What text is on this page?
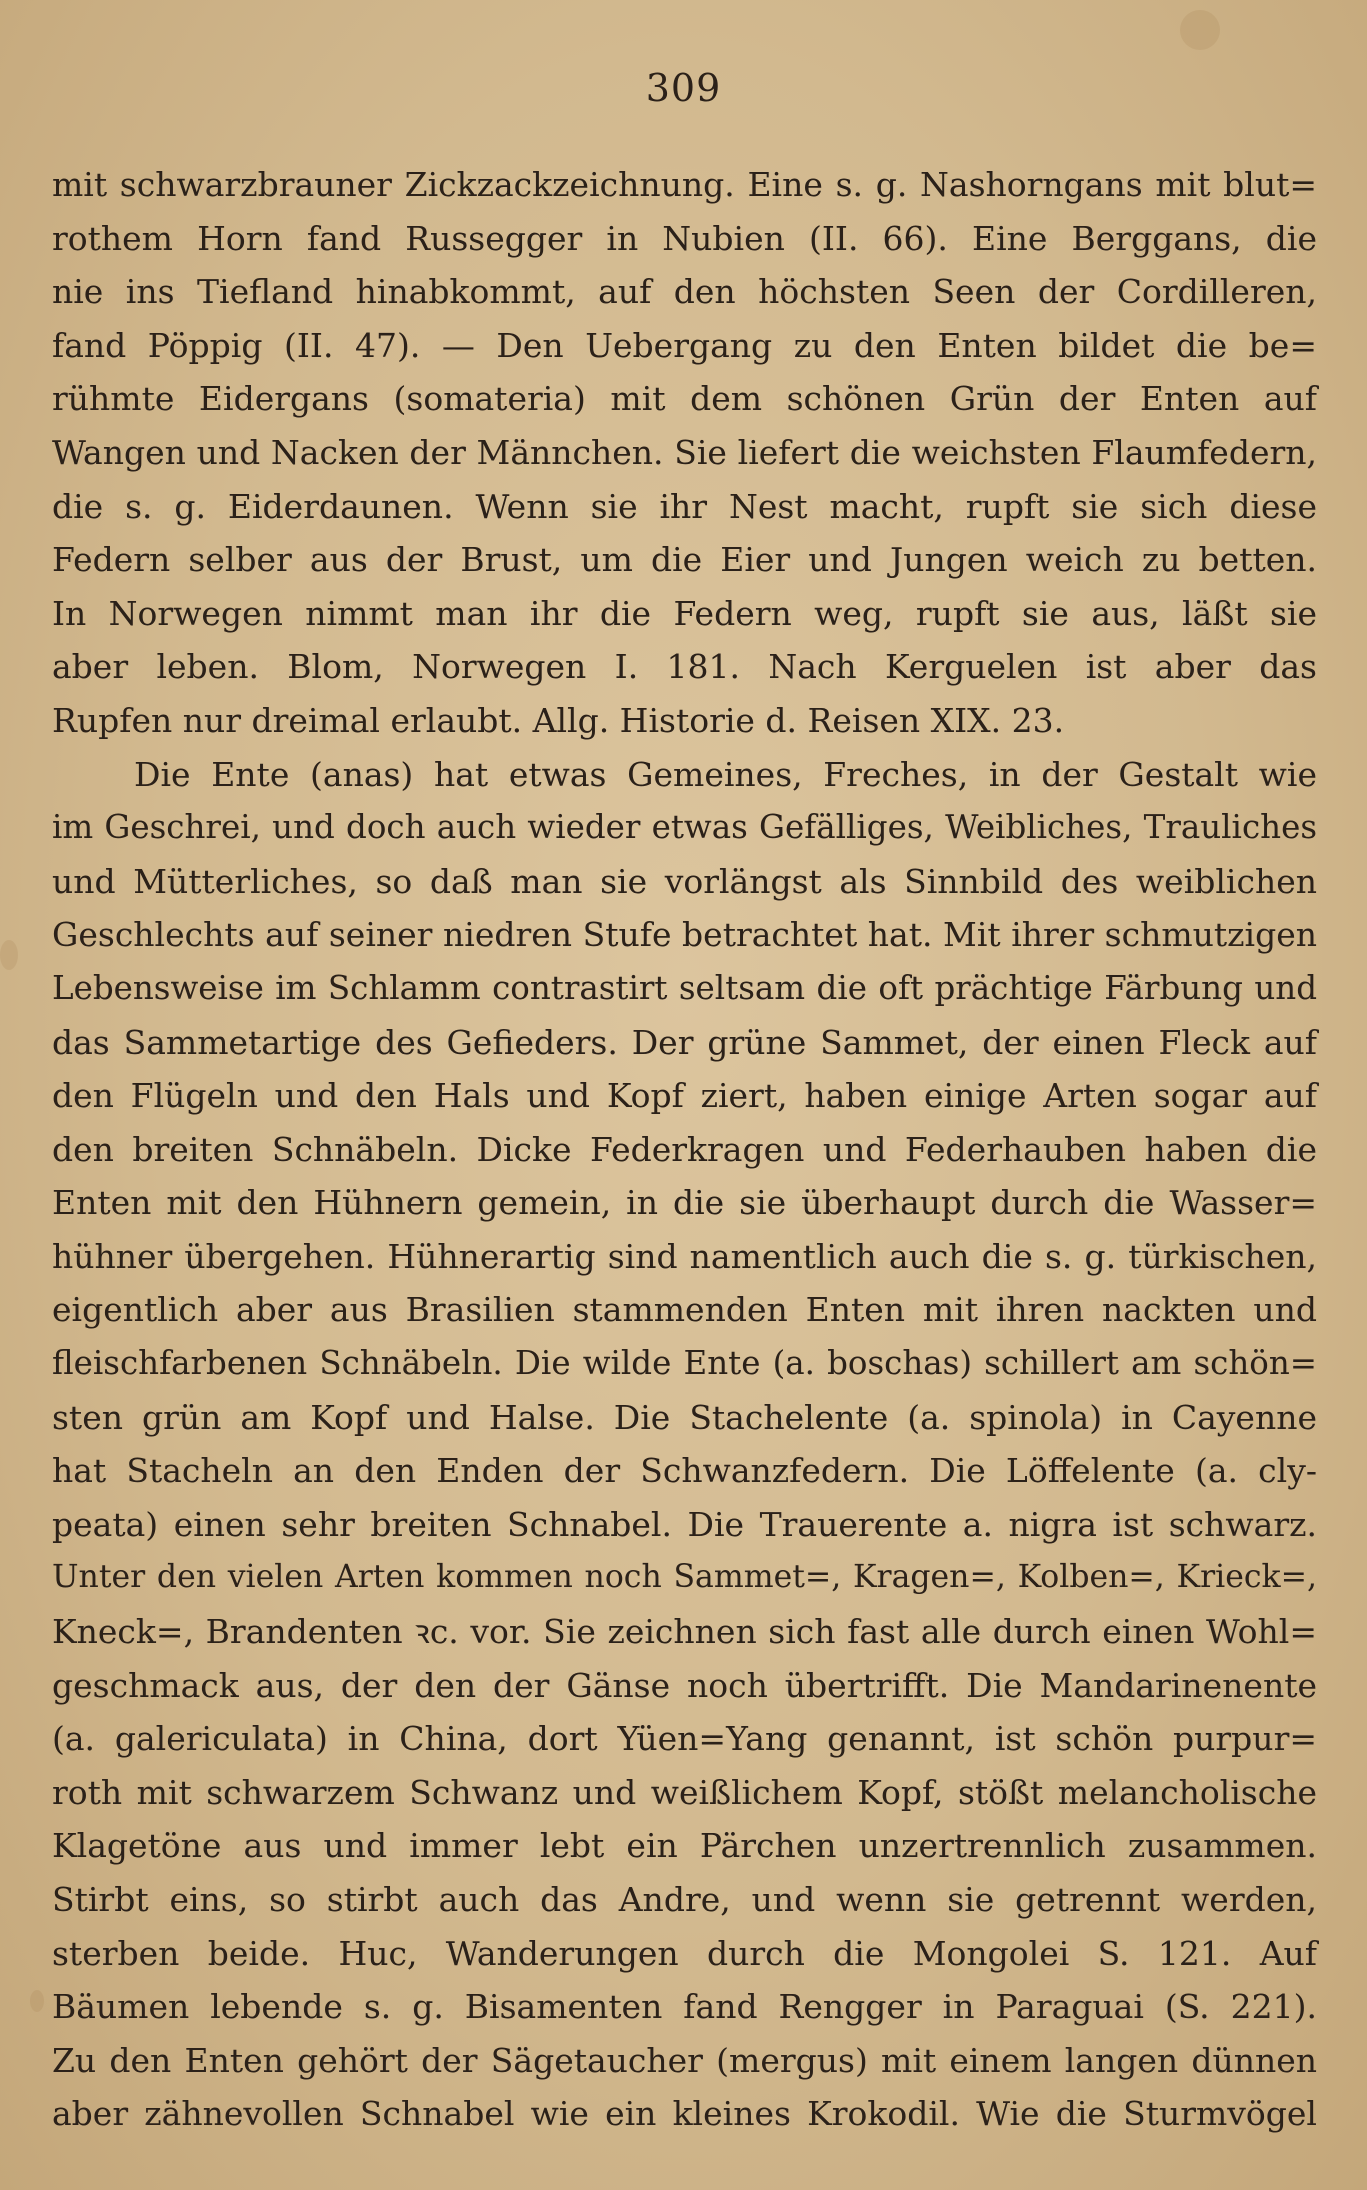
309
mit schwarzbrauner Zickzackzeichnung. Eine s. g. Nashorngans mit blut=
rothem Horn fand Russegger in Nubien (II. 66). Eine Berggans, die
nie ins Tiefland hinabkommt, auf den höchsten Seen der Cordilleren,
fand Pöppig (II. 47). — Den Uebergang zu den Enten bildet die be=
rühmte Eidergans (somateria) mit dem schönen Grün der Enten auf
Wangen und Nacken der Männchen. Sie liefert die weichsten Flaumfedern,
die s. g. Eiderdaunen. Wenn sie ihr Nest macht, rupft sie sich diese
Federn selber aus der Brust, um die Eier und Jungen weich zu betten.
In Norwegen nimmt man ihr die Federn weg, rupft sie aus, läßt sie
aber leben. Blom, Norwegen I. 181. Nach Kerguelen ist aber das
Rupfen nur dreimal erlaubt. Allg. Historie d. Reisen XIX. 23.
Die Ente (anas) hat etwas Gemeines, Freches, in der Gestalt wie
im Geschrei, und doch auch wieder etwas Gefälliges, Weibliches, Trauliches
und Mütterliches, so daß man sie vorlängst als Sinnbild des weiblichen
Geschlechts auf seiner niedren Stufe betrachtet hat. Mit ihrer schmutzigen
Lebensweise im Schlamm contrastirt seltsam die oft prächtige Färbung und
das Sammetartige des Gefieders. Der grüne Sammet, der einen Fleck auf
den Flügeln und den Hals und Kopf ziert, haben einige Arten sogar auf
den breiten Schnäbeln. Dicke Federkragen und Federhauben haben die
Enten mit den Hühnern gemein, in die sie überhaupt durch die Wasser=
hühner übergehen. Hühnerartig sind namentlich auch die s. g. türkischen,
eigentlich aber aus Brasilien stammenden Enten mit ihren nackten und
fleischfarbenen Schnäbeln. Die wilde Ente (a. boschas) schillert am schön=
sten grün am Kopf und Halse. Die Stachelente (a. spinola) in Cayenne
hat Stacheln an den Enden der Schwanzfedern. Die Löffelente (a. cly-
peata) einen sehr breiten Schnabel. Die Trauerente a. nigra ist schwarz.
Unter den vielen Arten kommen noch Sammet=, Kragen=, Kolben=, Krieck=,
Kneck=, Brandenten ꝛc. vor. Sie zeichnen sich fast alle durch einen Wohl=
geschmack aus, der den der Gänse noch übertrifft. Die Mandarinenente
(a. galericulata) in China, dort Yüen=Yang genannt, ist schön purpur=
roth mit schwarzem Schwanz und weißlichem Kopf, stößt melancholische
Klagetöne aus und immer lebt ein Pärchen unzertrennlich zusammen.
Stirbt eins, so stirbt auch das Andre, und wenn sie getrennt werden,
sterben beide. Huc, Wanderungen durch die Mongolei S. 121. Auf
Bäumen lebende s. g. Bisamenten fand Rengger in Paraguai (S. 221).
Zu den Enten gehört der Sägetaucher (mergus) mit einem langen dünnen
aber zähnevollen Schnabel wie ein kleines Krokodil. Wie die Sturmvögel
